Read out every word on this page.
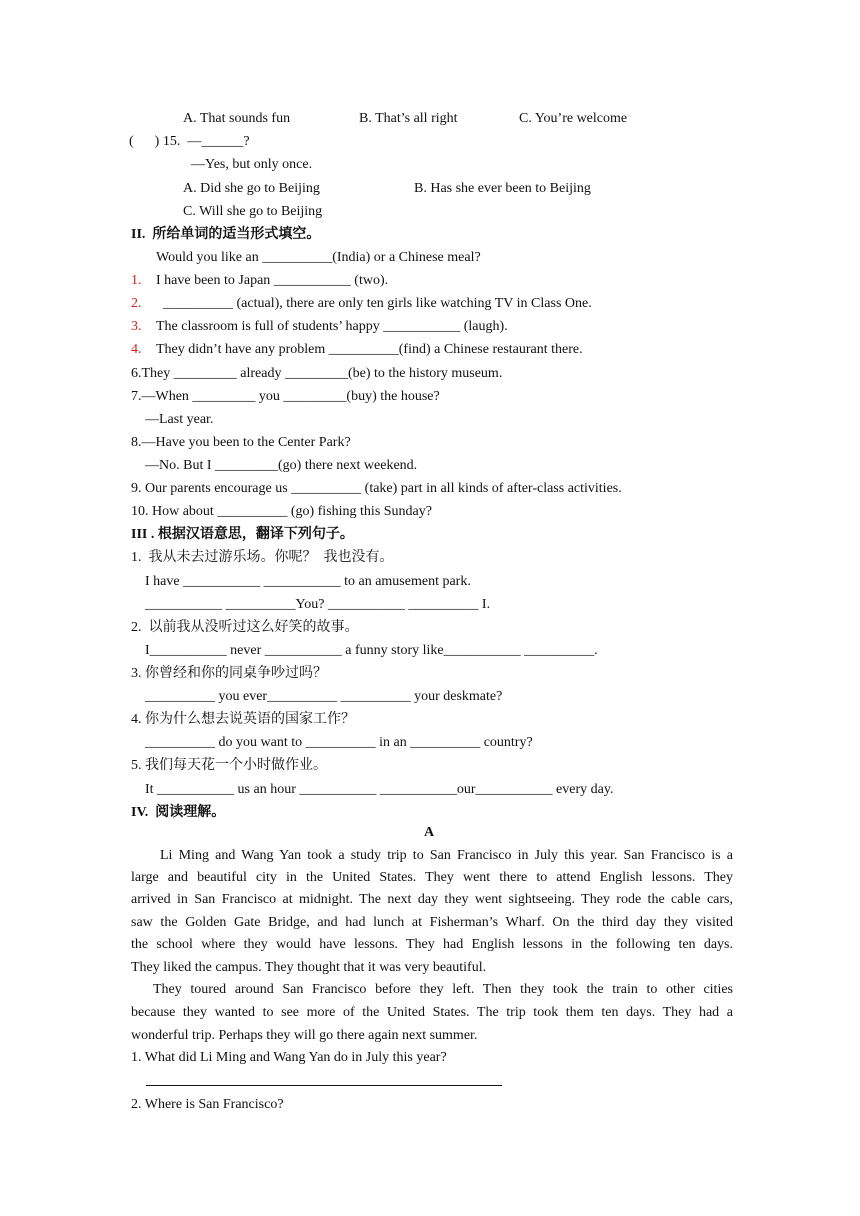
A. That sounds fun	B. That’s all right	C. You’re welcome
(      ) 15.  —______?
—Yes, but only once.
A. Did she go to Beijing	B. Has she ever been to Beijing
C. Will she go to Beijing
II.  所给单词的适当形式填空。
Would you like an __________(India) or a Chinese meal?
1. I have been to Japan ___________ (two).
2. __________ (actual), there are only ten girls like watching TV in Class One.
3. The classroom is full of students’ happy ___________ (laugh).
4. They didn’t have any problem __________(find) a Chinese restaurant there.
6.They _________ already _________(be) to the history museum.
7.—When _________ you _________(buy) the house?
—Last year.
8.—Have you been to the Center Park?
—No. But I _________(go) there next weekend.
9. Our parents encourage us __________ (take) part in all kinds of after-class activities.
10. How about __________ (go) fishing this Sunday?
III . 根据汉语意思，翻译下列句子。
1.  我从未去过游乐场。你呢？  我也没有。
I have ___________ ___________ to an amusement park.
___________ __________You? ___________ __________ I.
2.  以前我从没听过这么好笑的故事。
I___________ never ___________ a funny story like___________ __________.
3. 你曾经和你的同桌争吵过吗？
__________ you ever__________ __________ your deskmate?
4. 你为什么想去说英语的国家工作？
__________ do you want to __________ in an __________ country?
5. 我们每天花一个小时做作业。
It ___________ us an hour ___________ ___________our___________ every day.
IV.  阅读理解。
A
Li Ming and Wang Yan took a study trip to San Francisco in July this year. San Francisco is a
large and beautiful city in the United States. They went there to attend English lessons. They
arrived in San Francisco at midnight. The next day they went sightseeing. They rode the cable cars,
saw the Golden Gate Bridge, and had lunch at Fisherman’s Wharf. On the third day they visited
the school where they would have lessons. They had English lessons in the following ten days.
They liked the campus. They thought that it was very beautiful.
They toured around San Francisco before they left. Then they took the train to other cities
because they wanted to see more of the United States. The trip took them ten days. They had a
wonderful trip. Perhaps they will go there again next summer.
1. What did Li Ming and Wang Yan do in July this year?
2. Where is San Francisco?
